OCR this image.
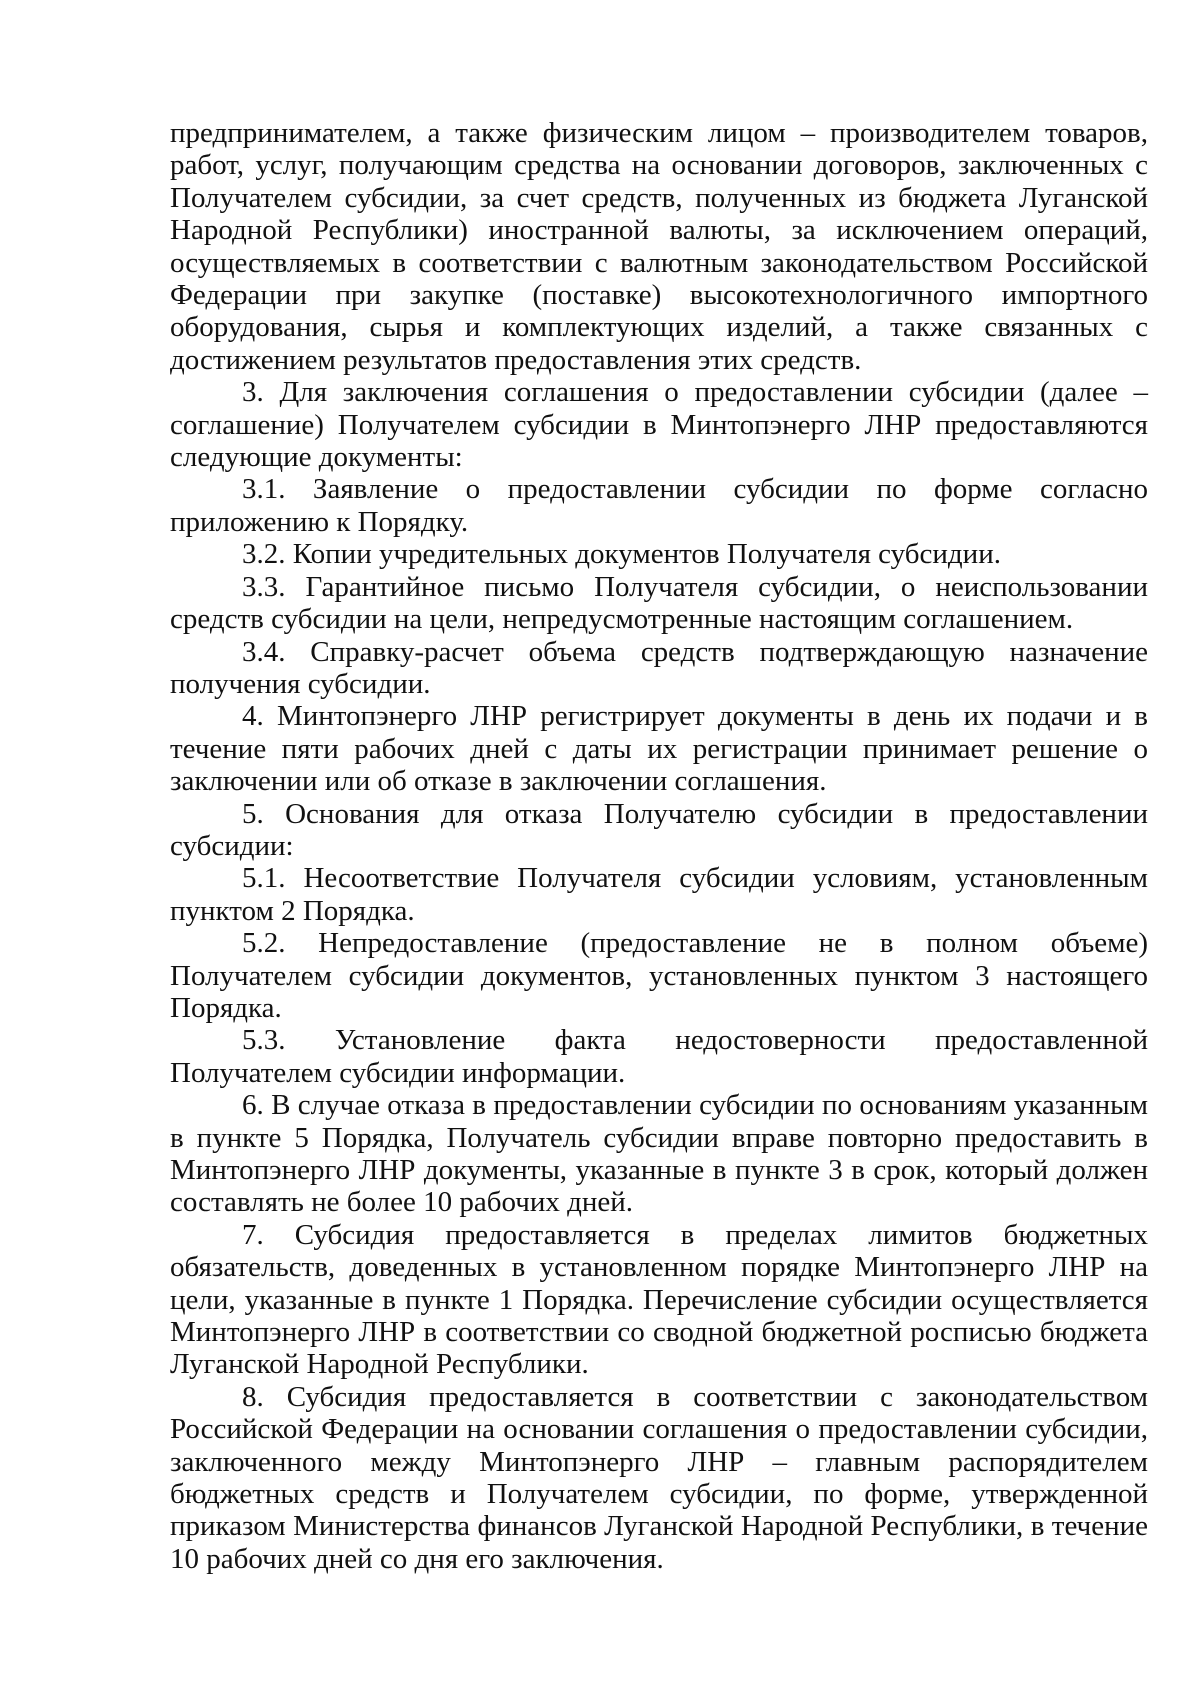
предпринимателем, а также физическим лицом – производителем товаров, работ, услуг, получающим средства на основании договоров, заключенных с Получателем субсидии, за счет средств, полученных из бюджета Луганской Народной Республики) иностранной валюты, за исключением операций, осуществляемых в соответствии с валютным законодательством Российской Федерации при закупке (поставке) высокотехнологичного импортного оборудования, сырья и комплектующих изделий, а также связанных с достижением результатов предоставления этих средств.

3. Для заключения соглашения о предоставлении субсидии (далее – соглашение) Получателем субсидии в Минтопэнерго ЛНР предоставляются следующие документы:

3.1. Заявление о предоставлении субсидии по форме согласно приложению к Порядку.

3.2. Копии учредительных документов Получателя субсидии.

3.3. Гарантийное письмо Получателя субсидии, о неиспользовании средств субсидии на цели, непредусмотренные настоящим соглашением.

3.4. Справку-расчет объема средств подтверждающую назначение получения субсидии.

4. Минтопэнерго ЛНР регистрирует документы в день их подачи и в течение пяти рабочих дней с даты их регистрации принимает решение о заключении или об отказе в заключении соглашения.

5. Основания для отказа Получателю субсидии в предоставлении субсидии:

5.1. Несоответствие Получателя субсидии условиям, установленным пунктом 2 Порядка.

5.2. Непредоставление (предоставление не в полном объеме) Получателем субсидии документов, установленных пунктом 3 настоящего Порядка.

5.3. Установление факта недостоверности предоставленной Получателем субсидии информации.

6. В случае отказа в предоставлении субсидии по основаниям указанным в пункте 5 Порядка, Получатель субсидии вправе повторно предоставить в Минтопэнерго ЛНР документы, указанные в пункте 3 в срок, который должен составлять не более 10 рабочих дней.

7. Субсидия предоставляется в пределах лимитов бюджетных обязательств, доведенных в установленном порядке Минтопэнерго ЛНР на цели, указанные в пункте 1 Порядка. Перечисление субсидии осуществляется Минтопэнерго ЛНР в соответствии со сводной бюджетной росписью бюджета Луганской Народной Республики.

8. Субсидия предоставляется в соответствии с законодательством Российской Федерации на основании соглашения о предоставлении субсидии, заключенного между Минтопэнерго ЛНР – главным распорядителем бюджетных средств и Получателем субсидии, по форме, утвержденной приказом Министерства финансов Луганской Народной Республики, в течение 10 рабочих дней со дня его заключения.
